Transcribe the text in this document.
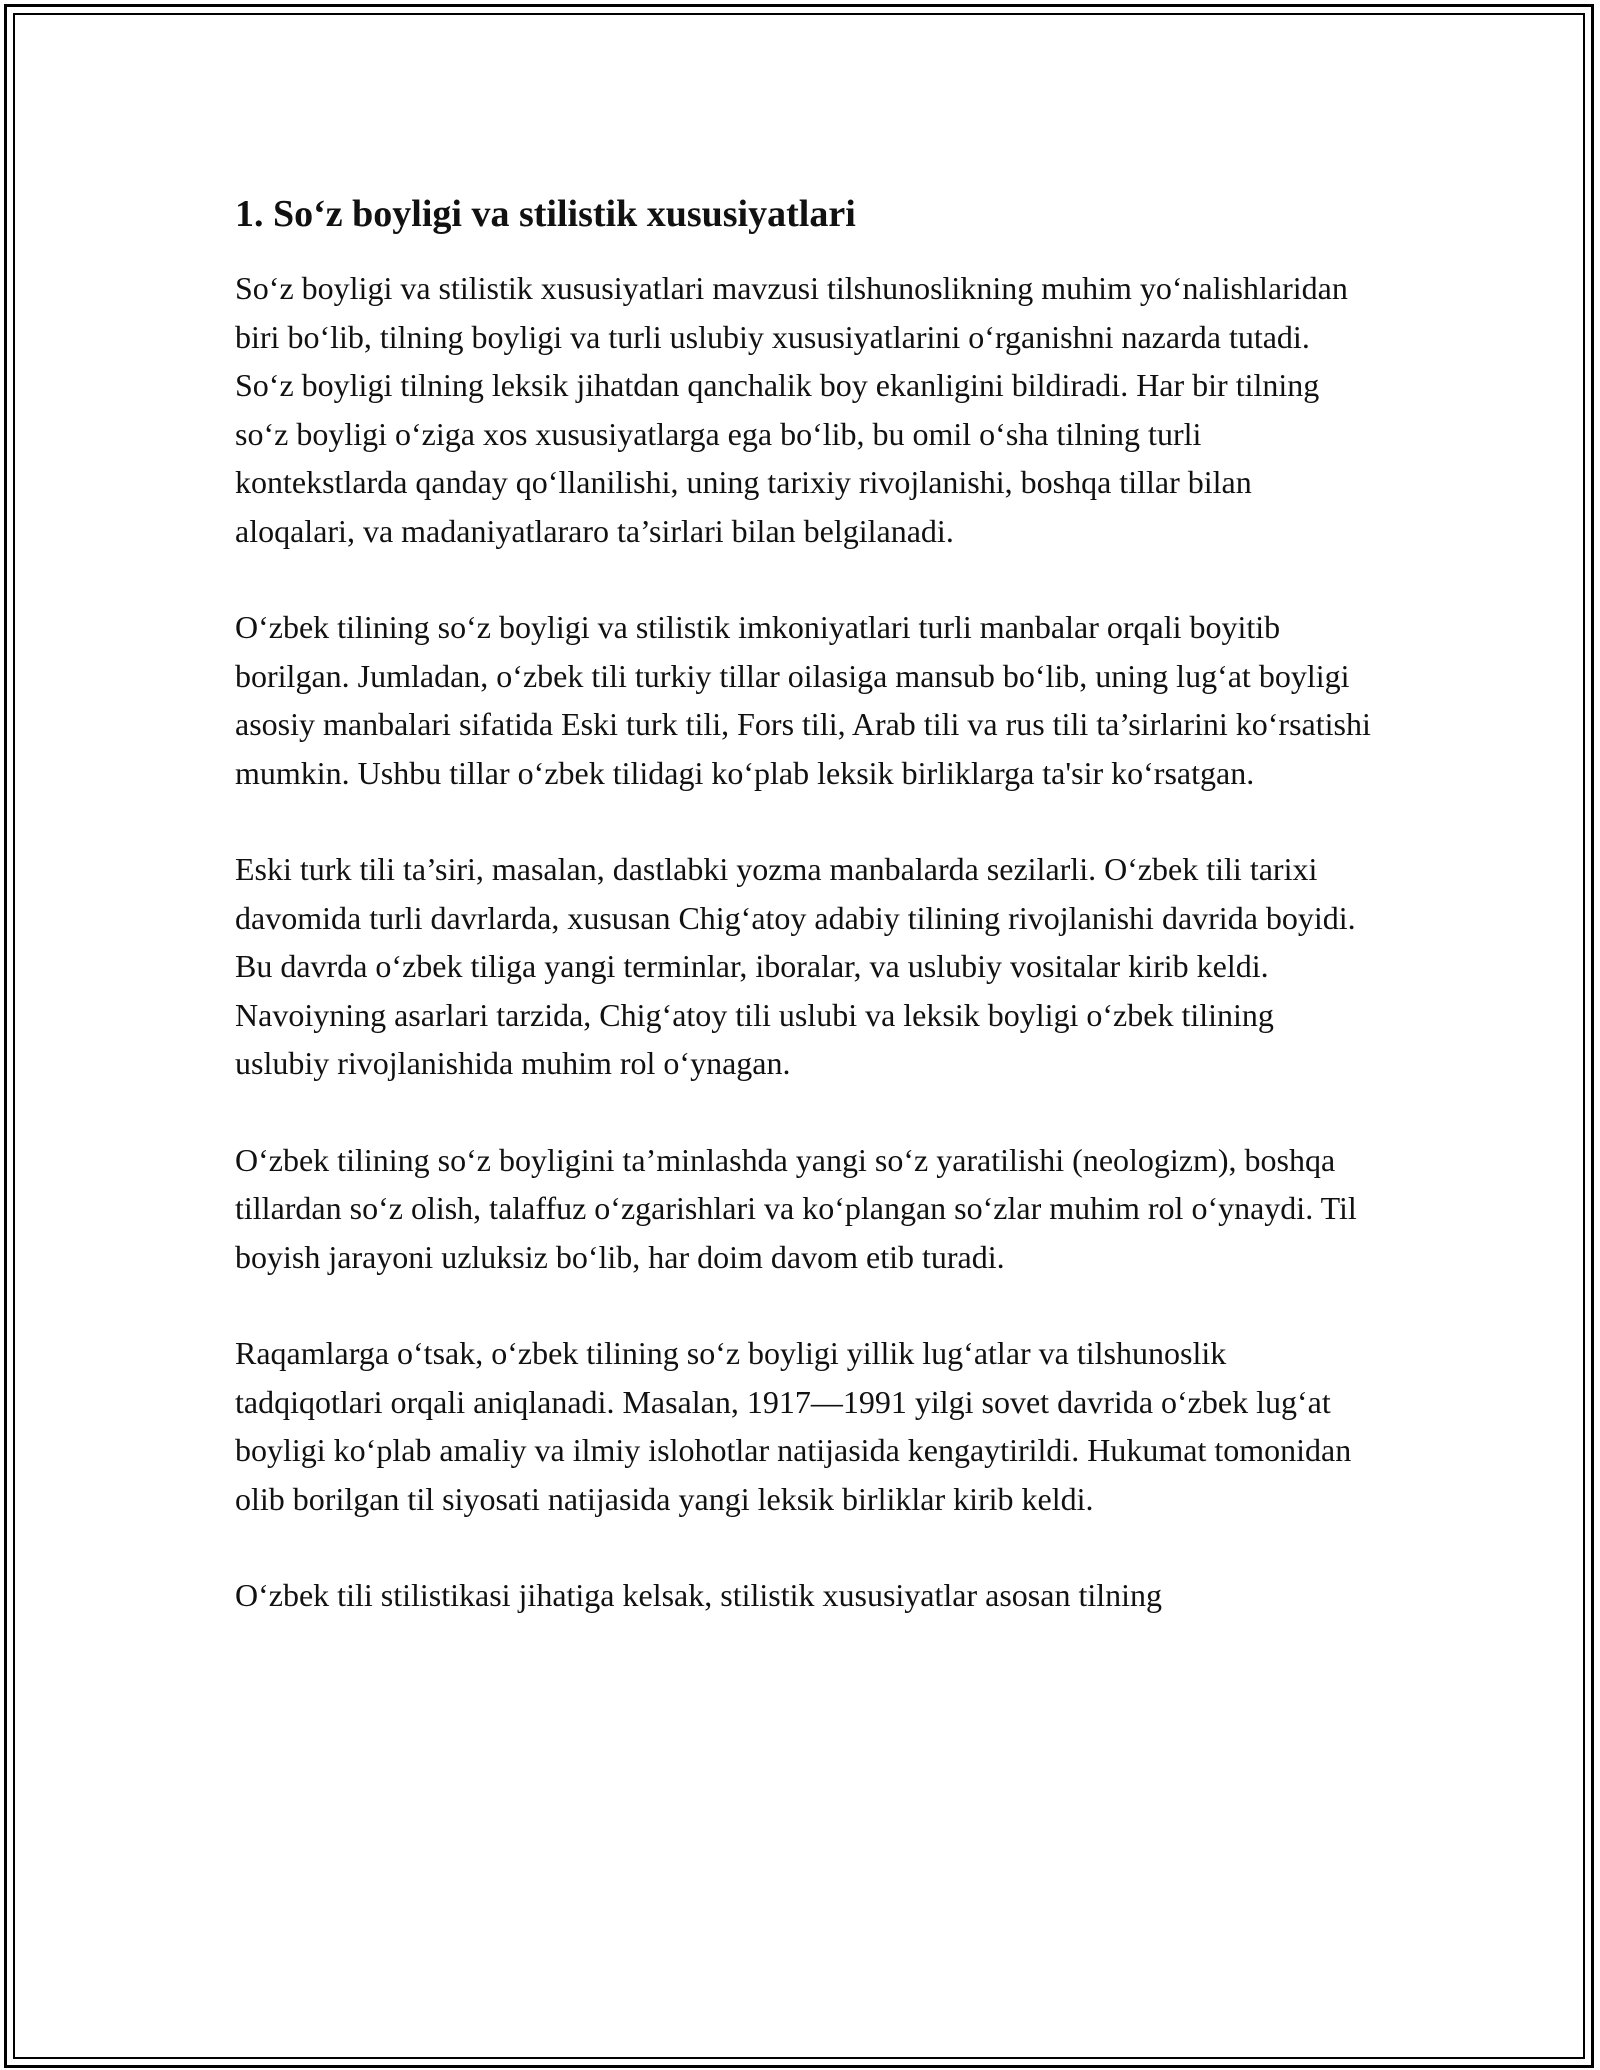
1. So‘z boyligi va stilistik xususiyatlari

So‘z boyligi va stilistik xususiyatlari mavzusi tilshunoslikning muhim yo‘nalishlaridan biri bo‘lib, tilning boyligi va turli uslubiy xususiyatlarini o‘rganishni nazarda tutadi. So‘z boyligi tilning leksik jihatdan qanchalik boy ekanligini bildiradi. Har bir tilning so‘z boyligi o‘ziga xos xususiyatlarga ega bo‘lib, bu omil o‘sha tilning turli kontekstlarda qanday qo‘llanilishi, uning tarixiy rivojlanishi, boshqa tillar bilan aloqalari, va madaniyatlararo ta’sirlari bilan belgilanadi.

O‘zbek tilining so‘z boyligi va stilistik imkoniyatlari turli manbalar orqali boyitib borilgan. Jumladan, o‘zbek tili turkiy tillar oilasiga mansub bo‘lib, uning lug‘at boyligi asosiy manbalari sifatida Eski turk tili, Fors tili, Arab tili va rus tili ta’sirlarini ko‘rsatishi mumkin. Ushbu tillar o‘zbek tilidagi ko‘plab leksik birliklarga ta'sir ko‘rsatgan.

Eski turk tili ta’siri, masalan, dastlabki yozma manbalarda sezilarli. O‘zbek tili tarixi davomida turli davrlarda, xususan Chig‘atoy adabiy tilining rivojlanishi davrida boyidi. Bu davrda o‘zbek tiliga yangi terminlar, iboralar, va uslubiy vositalar kirib keldi. Navoiyning asarlari tarzida, Chig‘atoy tili uslubi va leksik boyligi o‘zbek tilining uslubiy rivojlanishida muhim rol o‘ynagan.

O‘zbek tilining so‘z boyligini ta’minlashda yangi so‘z yaratilishi (neologizm), boshqa tillardan so‘z olish, talaffuz o‘zgarishlari va ko‘plangan so‘zlar muhim rol o‘ynaydi. Til boyish jarayoni uzluksiz bo‘lib, har doim davom etib turadi.

Raqamlarga o‘tsak, o‘zbek tilining so‘z boyligi yillik lug‘atlar va tilshunoslik tadqiqotlari orqali aniqlanadi. Masalan, 1917—1991 yilgi sovet davrida o‘zbek lug‘at boyligi ko‘plab amaliy va ilmiy islohotlar natijasida kengaytirildi. Hukumat tomonidan olib borilgan til siyosati natijasida yangi leksik birliklar kirib keldi.

O‘zbek tili stilistikasi jihatiga kelsak, stilistik xususiyatlar asosan tilning
